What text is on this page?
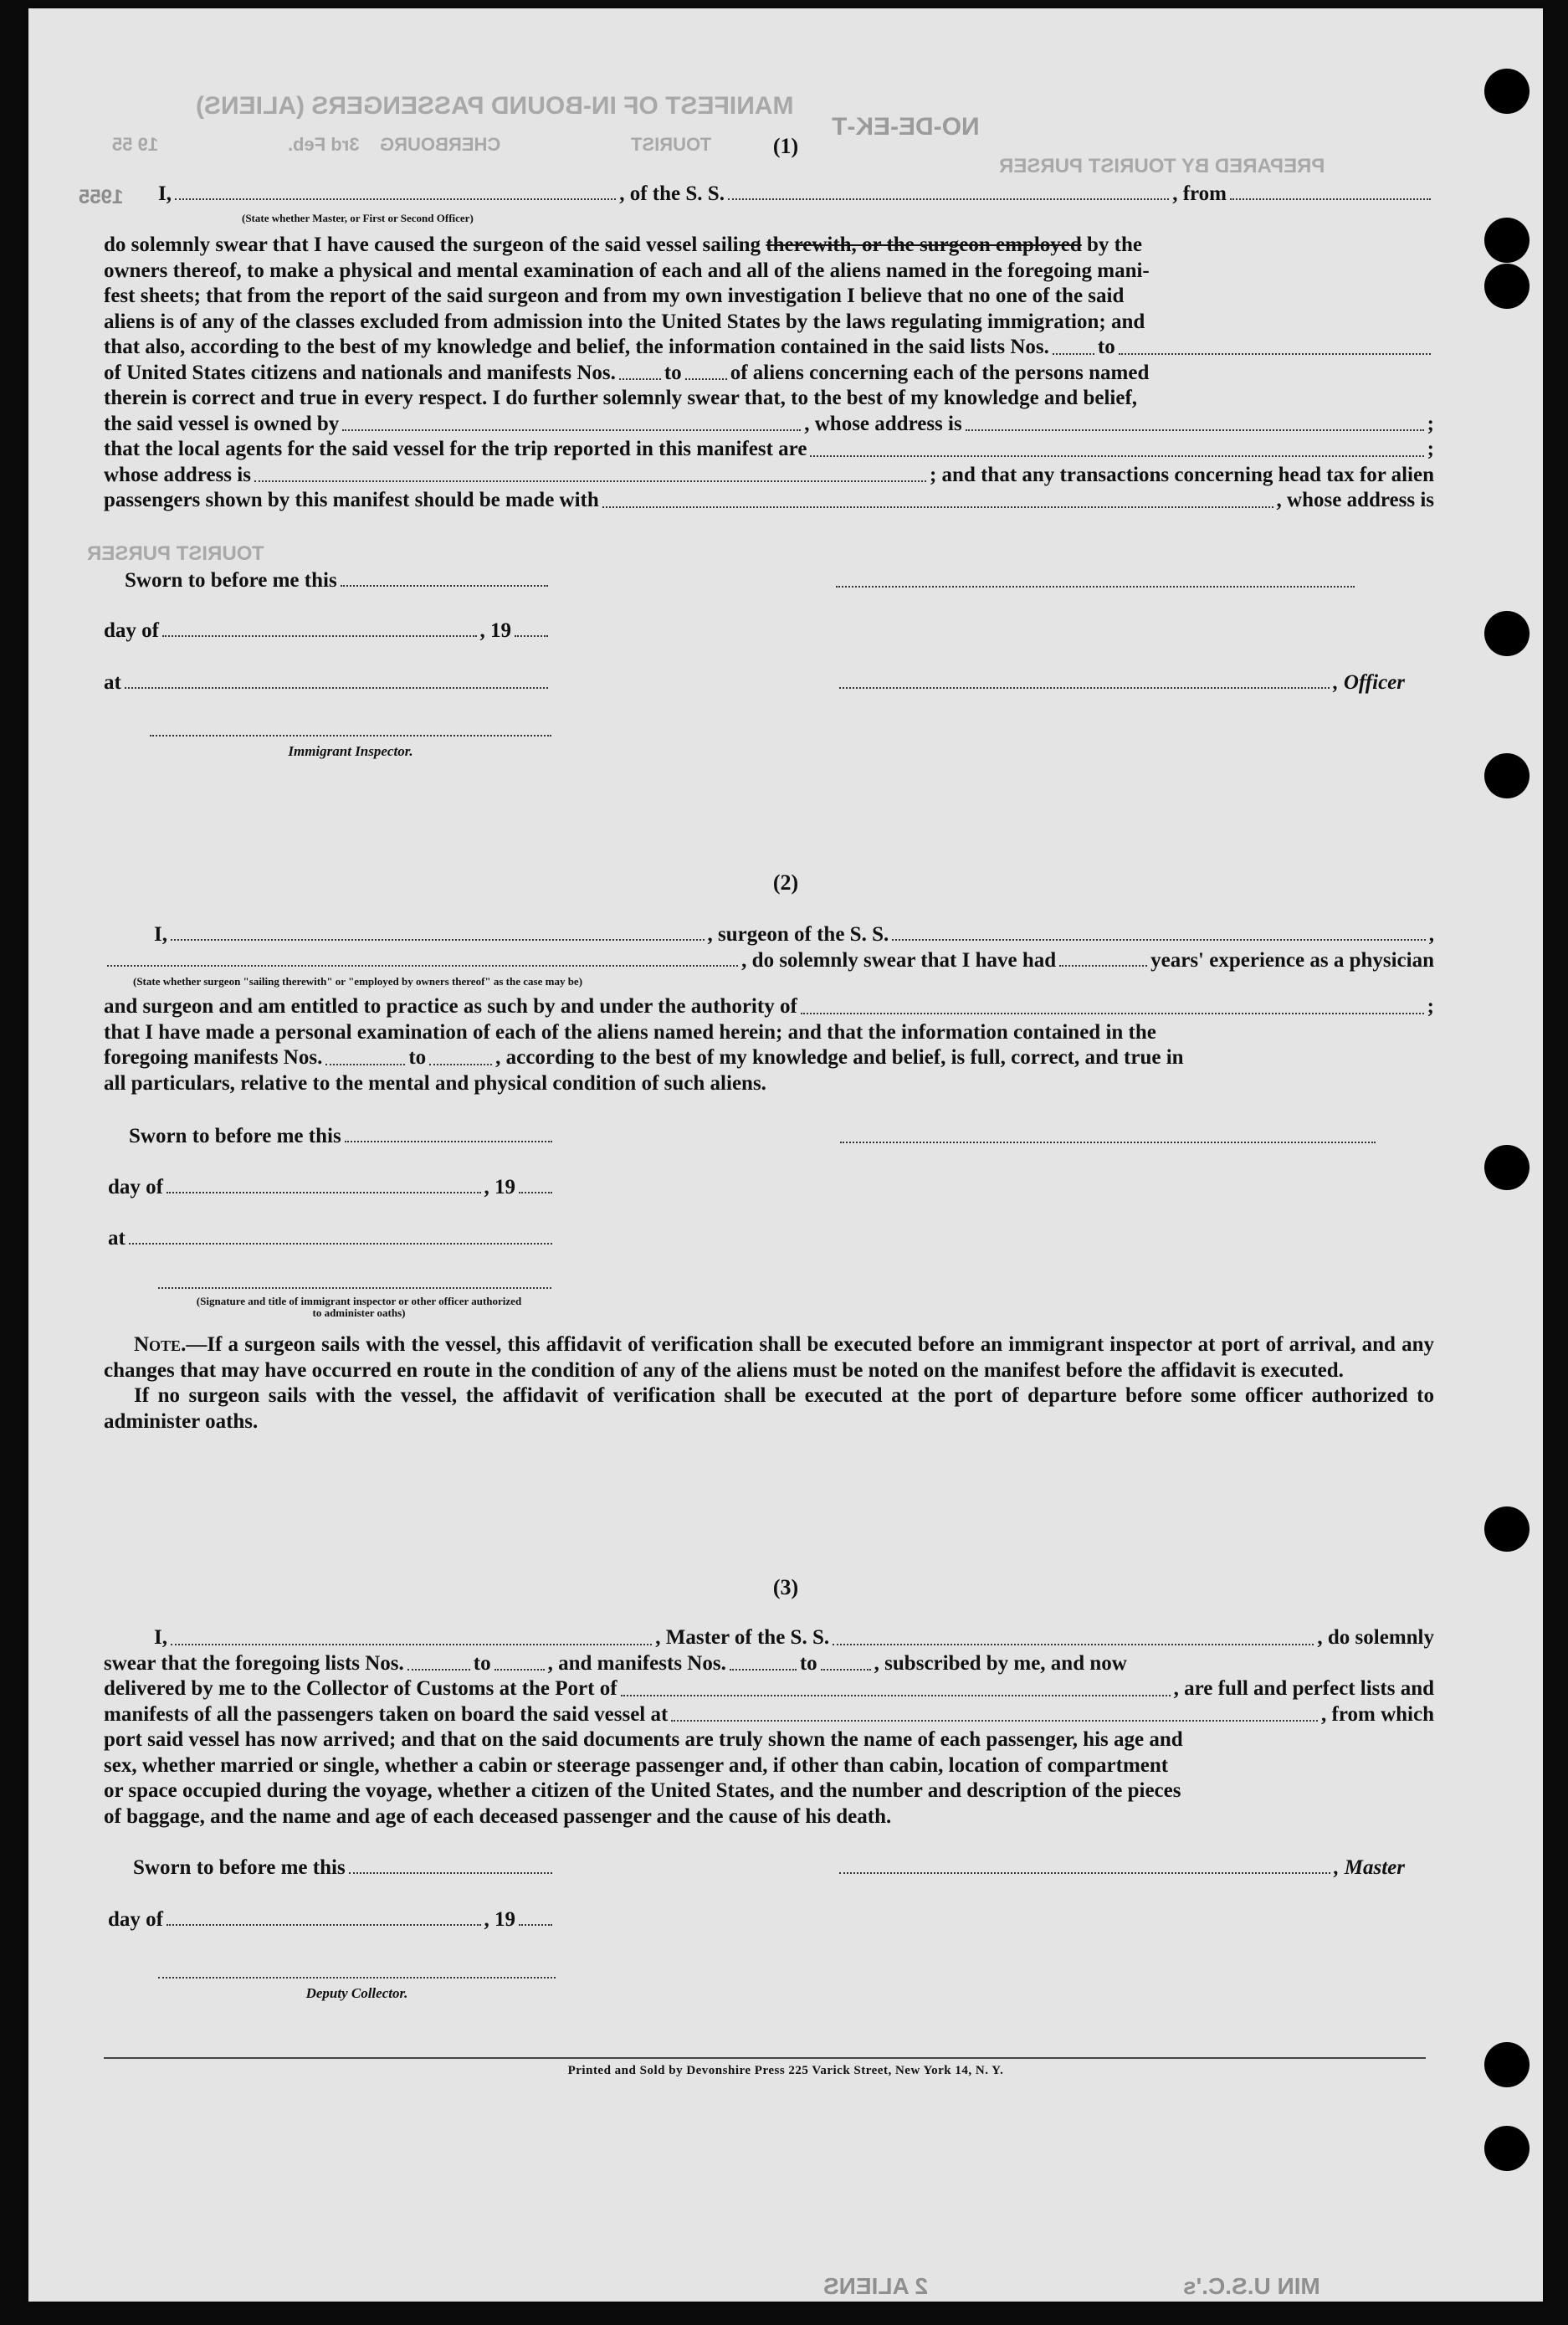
MANIFEST OF IN-BOUND PASSENGERS (ALIENS)
CHERBOURG
3rd Feb.
19 55	TOURIST
NO-DE-EK-T
PREPARED BY TOURIST PURSER
TOURIST PURSER
2 ALIENS	MIN U.S.C.'s
(1)
I,	, of the S. S.	, from
1955
(State whether Master, or First or Second Officer)
do solemnly swear that I have caused the surgeon of the said vessel sailing therewith, or the surgeon employed by the
owners thereof, to make a physical and mental examination of each and all of the aliens named in the foregoing mani-
fest sheets; that from the report of the said surgeon and from my own investigation I believe that no one of the said
aliens is of any of the classes excluded from admission into the United States by the laws regulating immigration; and
that also, according to the best of my knowledge and belief, the information contained in the said lists Nos. to
of United States citizens and nationals and manifests Nos. to of aliens concerning each of the persons named
therein is correct and true in every respect. I do further solemnly swear that, to the best of my knowledge and belief,
the said vessel is owned by	, whose address is	;
that the local agents for the said vessel for the trip reported in this manifest are	;
whose address is	; and that any transactions concerning head tax for alien
passengers shown by this manifest should be made with	, whose address is
Sworn to before me this
day of	, 19
at	, Officer
Immigrant Inspector.
(2)
I,	, surgeon of the S. S.	,
, do solemnly swear that I have had	years' experience as a physician
(State whether surgeon "sailing therewith" or "employed by owners thereof" as the case may be)
and surgeon and am entitled to practice as such by and under the authority of	;
that I have made a personal examination of each of the aliens named herein; and that the information contained in the
foregoing manifests Nos.	to	, according to the best of my knowledge and belief, is full, correct, and true in
all particulars, relative to the mental and physical condition of such aliens.
Sworn to before me this
day of	, 19
at
(Signature and title of immigrant inspector or other officer authorized to administer oaths)
Note.—If a surgeon sails with the vessel, this affidavit of verification shall be executed before an immigrant inspector at port of arrival, and any changes that may have occurred en route in the condition of any of the aliens must be noted on the manifest before the affidavit is executed.
If no surgeon sails with the vessel, the affidavit of verification shall be executed at the port of departure before some officer authorized to administer oaths.
(3)
I,	, Master of the S. S.	, do solemnly
swear that the foregoing lists Nos.	to	, and manifests Nos.	to	, subscribed by me, and now
delivered by me to the Collector of Customs at the Port of	, are full and perfect lists and
manifests of all the passengers taken on board the said vessel at	, from which
port said vessel has now arrived; and that on the said documents are truly shown the name of each passenger, his age and
sex, whether married or single, whether a cabin or steerage passenger and, if other than cabin, location of compartment
or space occupied during the voyage, whether a citizen of the United States, and the number and description of the pieces
of baggage, and the name and age of each deceased passenger and the cause of his death.
Sworn to before me this	, Master
day of	, 19
Deputy Collector.
Printed and Sold by Devonshire Press 225 Varick Street, New York 14, N. Y.
